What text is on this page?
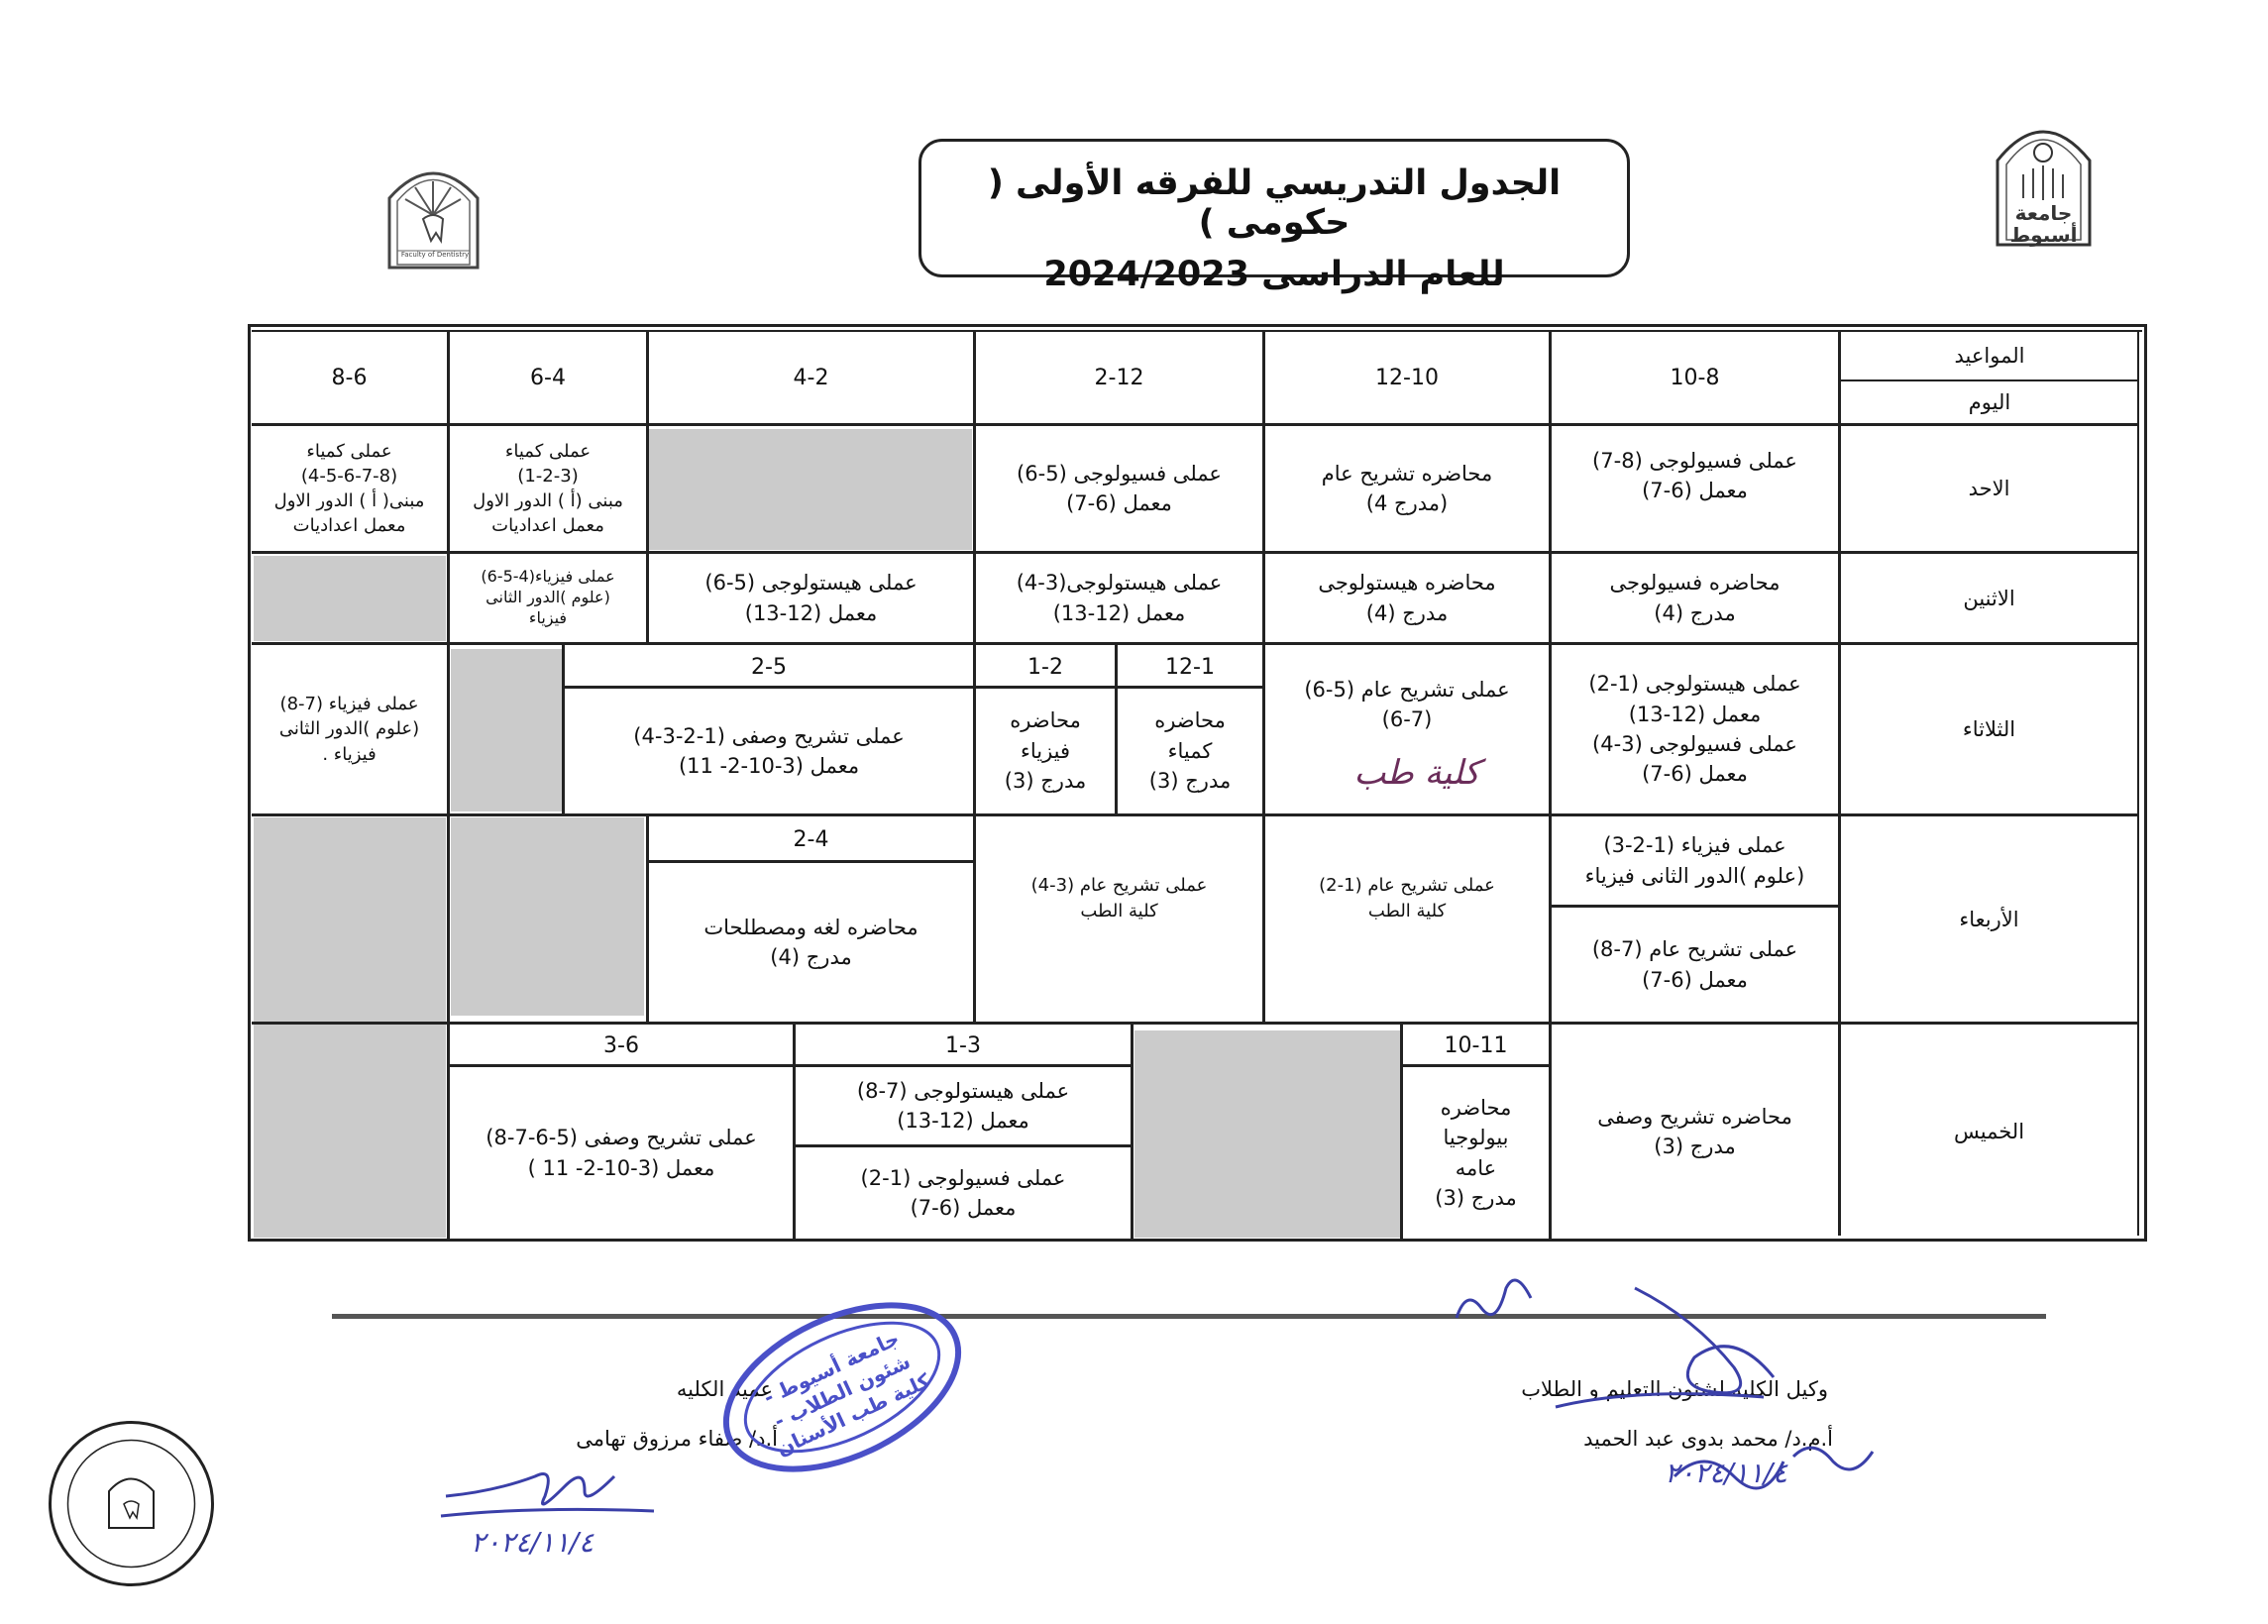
الجدول التدريسي للفرقه الأولى ( حكومى )
للعام الدراسى 2024/2023
Faculty of Dentistry
جامعة أسيوط
المواعيد
اليوم
10-8
12-10
2-12
4-2
6-4
8-6
الاحد
الاثنين
الثلاثاء
الأربعاء
الخميس
عملى فسيولوجى (8-7)
معمل (6-7)
محاضره تشريح عام
(مدرج 4)
عملى فسيولوجى (5-6)
معمل (6-7)
عملى كمياء
(1-2-3)
مبنى (أ ) الدور الاول
معمل اعداديات
عملى كمياء
(4-5-6-7-8)
مبنى( أ ) الدور الاول
معمل اعداديات
محاضره فسيولوجى
مدرج (4)
محاضره هيستولوجى
مدرج (4)
عملى هيستولوجى(3-4)
معمل (12-13)
عملى هيستولوجى (5-6)
معمل (12-13)
عملى فيزياء(4-5-6)
(علوم )الدور الثانى
فيزياء
عملى هيستولوجى (1-2)
معمل (12-13)
عملى فسيولوجى (3-4)
معمل (6-7)
عملى تشريح عام (5-6)
(6-7)
كلية طب
12-1
محاضره
كمياء
مدرج (3)
1-2
محاضره
فيزياء
مدرج (3)
2-5
عملى تشريح وصفى (1-2-3-4)
معمل (3-10-2- 11)
عملى فيزياء (7-8)
(علوم )الدور الثانى
فيزياء .
عملى فيزياء (1-2-3)
(علوم )الدور الثانى فيزياء
عملى تشريح عام (7-8)
معمل (6-7)
عملى تشريح عام (1-2)
كلية الطب
عملى تشريح عام (3-4)
كلية الطب
2-4
محاضره لغه ومصطلحات
مدرج (4)
محاضره تشريح وصفى
مدرج (3)
10-11
محاضره
بيولوجيا
عامه
مدرج (3)
1-3
عملى هيستولوجى (7-8)
معمل (12-13)
عملى فسيولوجى (1-2)
معمل (6-7)
3-6
عملى تشريح وصفى (5-6-7-8)
معمل (3-10-2- 11 )
وكيل الكليه لشئون التعليم و الطلاب
أ.م.د/ محمد بدوى عبد الحميد
عميد الكليه
أ.د/ صفاء مرزوق تهامى
٢٠٢٤/١١/٤
٢٠٢٤/١١/٤
جامعة أسيوط - شئون الطلاب - كلية طب الأسنان
